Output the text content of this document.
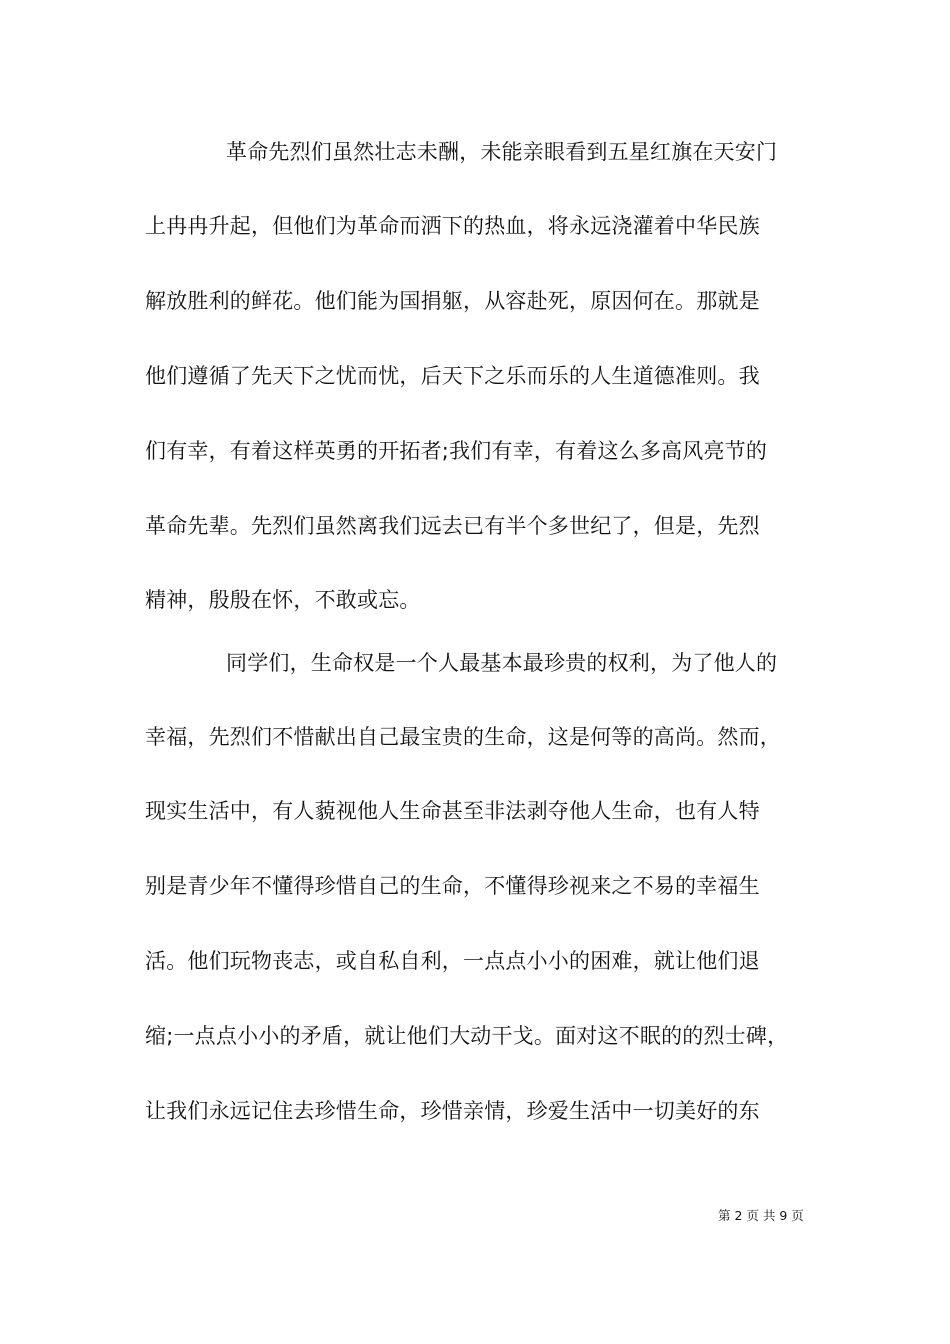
革命先烈们虽然壮志未酬，未能亲眼看到五星红旗在天安门
上冉冉升起，但他们为革命而洒下的热血，将永远浇灌着中华民族
解放胜利的鲜花。他们能为国捐躯，从容赴死，原因何在。那就是
他们遵循了先天下之忧而忧，后天下之乐而乐的人生道德准则。我
们有幸，有着这样英勇的开拓者;我们有幸，有着这么多高风亮节的
革命先辈。先烈们虽然离我们远去已有半个多世纪了，但是，先烈
精神，殷殷在怀，不敢或忘。
同学们，生命权是一个人最基本最珍贵的权利，为了他人的
幸福，先烈们不惜献出自己最宝贵的生命，这是何等的高尚。然而，
现实生活中，有人藐视他人生命甚至非法剥夺他人生命，也有人特
别是青少年不懂得珍惜自己的生命，不懂得珍视来之不易的幸福生
活。他们玩物丧志，或自私自利，一点点小小的困难，就让他们退
缩;一点点小小的矛盾，就让他们大动干戈。面对这不眠的的烈士碑，
让我们永远记住去珍惜生命，珍惜亲情，珍爱生活中一切美好的东
第 2 页 共 9 页
